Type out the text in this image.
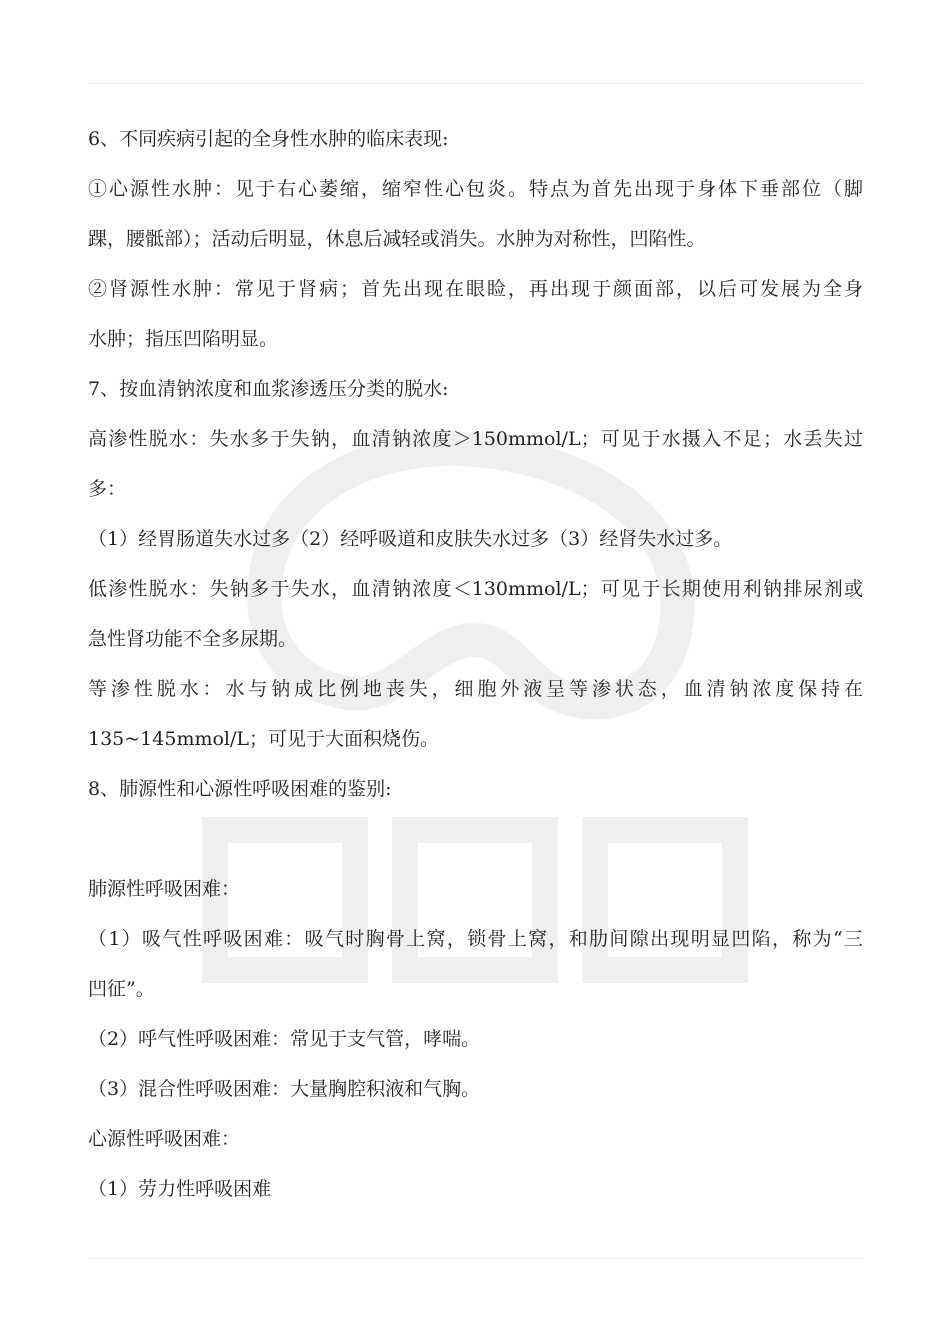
6、不同疾病引起的全身性水肿的临床表现:
①心源性水肿：见于右心萎缩，缩窄性心包炎。特点为首先出现于身体下垂部位（脚
踝，腰骶部）；活动后明显，休息后减轻或消失。水肿为对称性，凹陷性。
②肾源性水肿：常见于肾病；首先出现在眼睑，再出现于颜面部，以后可发展为全身
水肿；指压凹陷明显。
7、按血清钠浓度和血浆渗透压分类的脱水:
高渗性脱水：失水多于失钠，血清钠浓度＞150mmol/L；可见于水摄入不足；水丢失过
多：
（1）经胃肠道失水过多（2）经呼吸道和皮肤失水过多（3）经肾失水过多。
低渗性脱水：失钠多于失水，血清钠浓度＜130mmol/L；可见于长期使用利钠排尿剂或
急性肾功能不全多尿期。
等渗性脱水：水与钠成比例地丧失，细胞外液呈等渗状态，血清钠浓度保持在
135~145mmol/L；可见于大面积烧伤。
8、肺源性和心源性呼吸困难的鉴别:
肺源性呼吸困难：
（1）吸气性呼吸困难：吸气时胸骨上窝，锁骨上窝，和肋间隙出现明显凹陷，称为“三
凹征”。
（2）呼气性呼吸困难：常见于支气管，哮喘。
（3）混合性呼吸困难：大量胸腔积液和气胸。
心源性呼吸困难：
（1）劳力性呼吸困难
